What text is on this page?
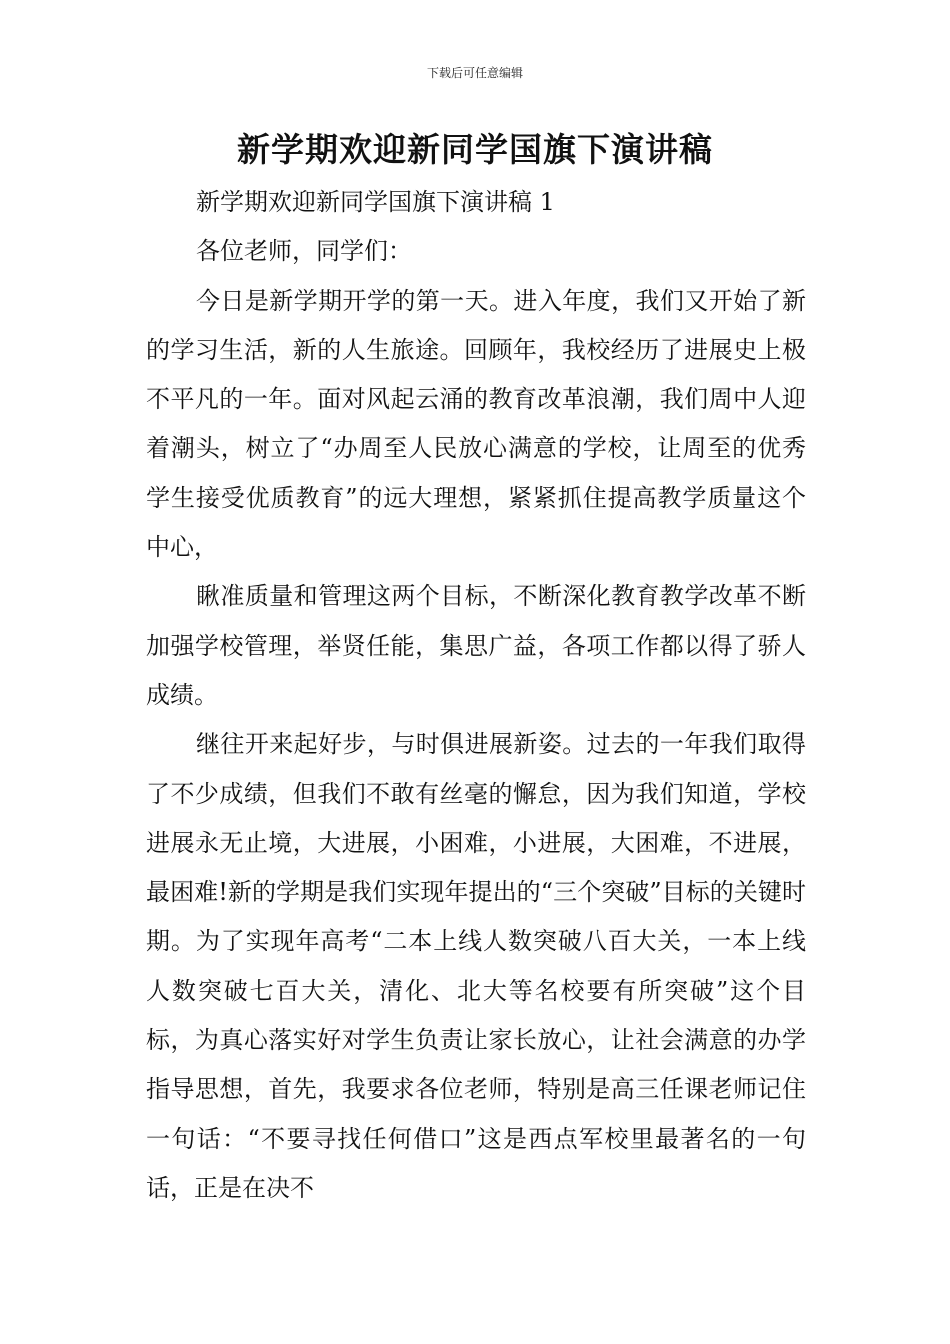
下载后可任意编辑
新学期欢迎新同学国旗下演讲稿

新学期欢迎新同学国旗下演讲稿 1

各位老师，同学们：

今日是新学期开学的第一天。进入年度，我们又开始了新的学习生活，新的人生旅途。回顾年，我校经历了进展史上极不平凡的一年。面对风起云涌的教育改革浪潮，我们周中人迎着潮头，树立了“办周至人民放心满意的学校，让周至的优秀学生接受优质教育”的远大理想，紧紧抓住提高教学质量这个中心，

瞅准质量和管理这两个目标，不断深化教育教学改革不断加强学校管理，举贤任能，集思广益，各项工作都以得了骄人成绩。

继往开来起好步，与时俱进展新姿。过去的一年我们取得了不少成绩，但我们不敢有丝毫的懈怠，因为我们知道，学校进展永无止境，大进展，小困难，小进展，大困难，不进展，最困难!新的学期是我们实现年提出的“三个突破”目标的关键时期。为了实现年高考“二本上线人数突破八百大关，一本上线人数突破七百大关，清化、北大等名校要有所突破”这个目标，为真心落实好对学生负责让家长放心，让社会满意的办学指导思想，首先，我要求各位老师，特别是高三任课老师记住一句话：“不要寻找任何借口”这是西点军校里最著名的一句话，正是在决不
